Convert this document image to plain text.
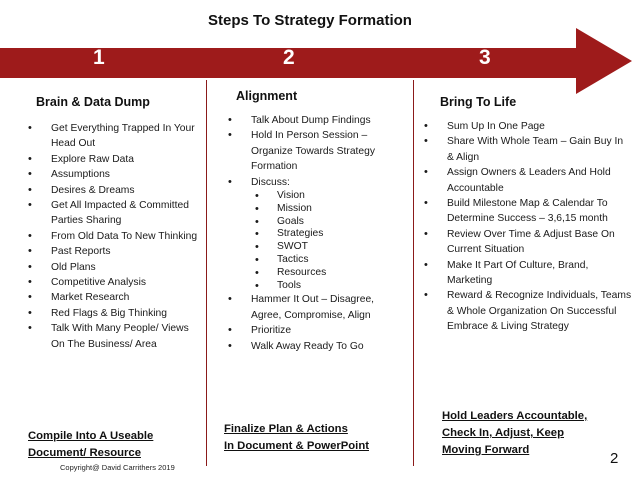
Steps To Strategy Formation
1	2	3
Brain & Data Dump
• Get Everything Trapped In Your Head Out
• Explore Raw Data
• Assumptions
• Desires & Dreams
• Get All Impacted & Committed Parties Sharing
• From Old Data To New Thinking
• Past Reports
• Old Plans
• Competitive Analysis
• Market Research
• Red Flags & Big Thinking
• Talk With Many People/ Views On The Business/ Area
Compile Into A Useable
Document/ Resource
Alignment
• Talk About Dump Findings
• Hold In Person Session – Organize Towards Strategy Formation
• Discuss:
• Vision
• Mission
• Goals
• Strategies
• SWOT
• Tactics
• Resources
• Tools
• Hammer It Out – Disagree, Agree, Compromise, Align
• Prioritize
• Walk Away Ready To Go
Finalize Plan & Actions
In Document & PowerPoint
Bring To Life
• Sum Up In One Page
• Share With Whole Team – Gain Buy In & Align
• Assign Owners & Leaders And Hold Accountable
• Build Milestone Map & Calendar To Determine Success – 3,6,15 month
• Review Over Time & Adjust Base On Current Situation
• Make It Part Of Culture, Brand, Marketing
• Reward & Recognize Individuals, Teams & Whole Organization On Successful Embrace & Living Strategy
Hold Leaders Accountable,
Check In, Adjust, Keep
Moving Forward
Copyright@ David Carrithers 2019
2
